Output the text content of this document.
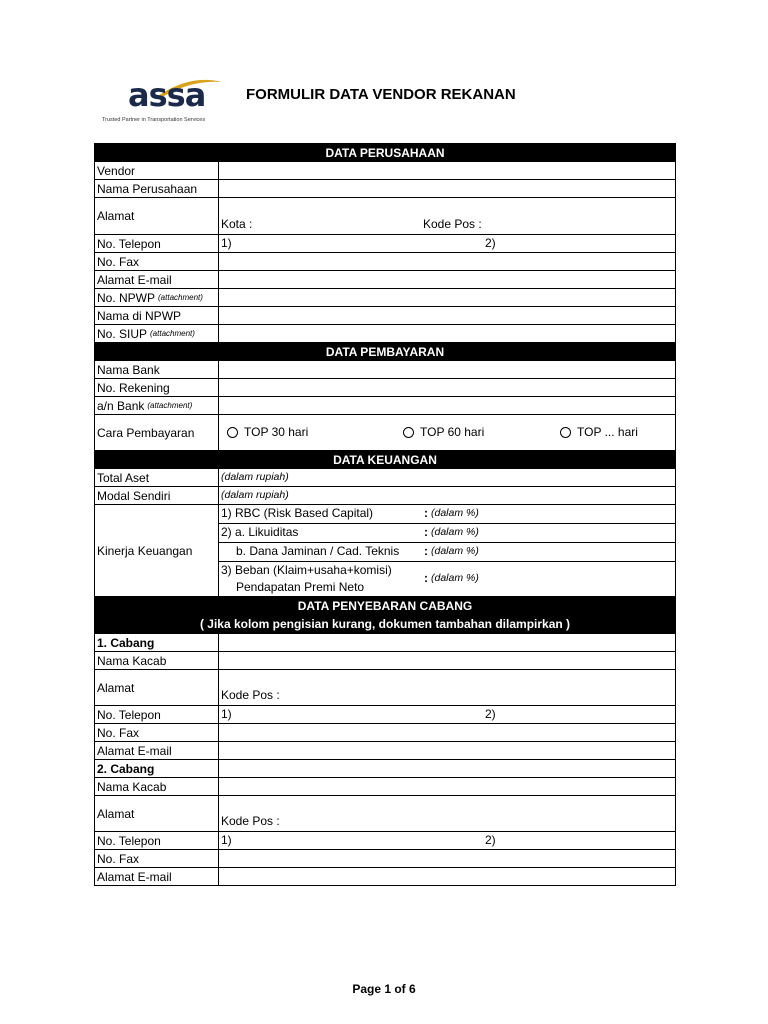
assa
Trusted Partner in Transportation Services
FORMULIR DATA VENDOR REKANAN
DATA PERUSAHAAN
Vendor
Nama Perusahaan
Alamat
Kota :	Kode Pos :
No. Telepon	1)	2)
No. Fax
Alamat E-mail
No. NPWP (attachment)
Nama di NPWP
No. SIUP (attachment)
DATA PEMBAYARAN
Nama Bank
No. Rekening
a/n Bank (attachment)
Cara Pembayaran	TOP 30 hari	TOP 60 hari	TOP ... hari
DATA KEUANGAN
Total Aset	(dalam rupiah)
Modal Sendiri	(dalam rupiah)
Kinerja Keuangan
1) RBC (Risk Based Capital)	: (dalam %)
2) a. Likuiditas	: (dalam %)
b. Dana Jaminan / Cad. Teknis : (dalam %)
3) Beban (Klaim+usaha+komisi)
Pendapatan Premi Neto
: (dalam %)
DATA PENYEBARAN CABANG
( Jika kolom pengisian kurang, dokumen tambahan dilampirkan )
1. Cabang
Nama Kacab
Alamat
Kode Pos :
No. Telepon	1)	2)
No. Fax
Alamat E-mail
2. Cabang
Nama Kacab
Alamat
Kode Pos :
No. Telepon	1)	2)
No. Fax
Alamat E-mail
Page 1 of 6
